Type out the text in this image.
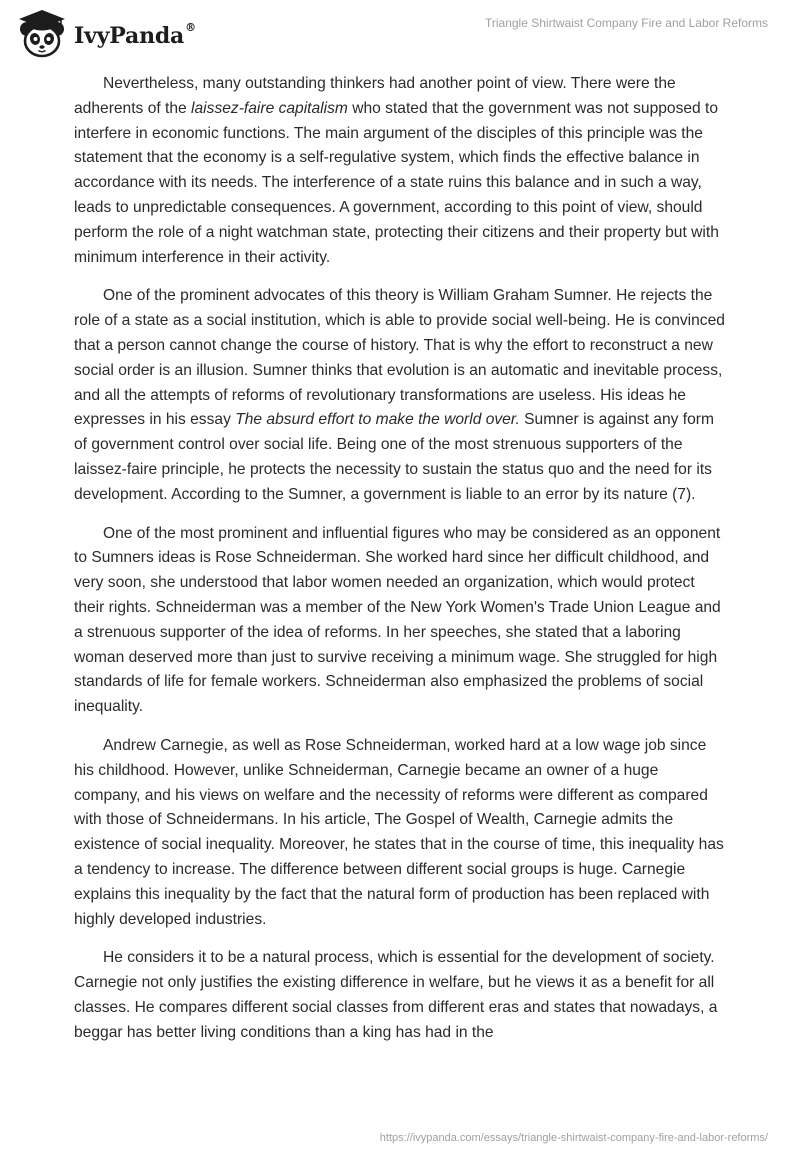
IvyPanda®	Triangle Shirtwaist Company Fire and Labor Reforms

Nevertheless, many outstanding thinkers had another point of view. There were the adherents of the laissez-faire capitalism who stated that the government was not supposed to interfere in economic functions. The main argument of the disciples of this principle was the statement that the economy is a self-regulative system, which finds the effective balance in accordance with its needs. The interference of a state ruins this balance and in such a way, leads to unpredictable consequences. A government, according to this point of view, should perform the role of a night watchman state, protecting their citizens and their property but with minimum interference in their activity.

One of the prominent advocates of this theory is William Graham Sumner. He rejects the role of a state as a social institution, which is able to provide social well-being. He is convinced that a person cannot change the course of history. That is why the effort to reconstruct a new social order is an illusion. Sumner thinks that evolution is an automatic and inevitable process, and all the attempts of reforms of revolutionary transformations are useless. His ideas he expresses in his essay The absurd effort to make the world over. Sumner is against any form of government control over social life. Being one of the most strenuous supporters of the laissez-faire principle, he protects the necessity to sustain the status quo and the need for its development. According to the Sumner, a government is liable to an error by its nature (7).

One of the most prominent and influential figures who may be considered as an opponent to Sumners ideas is Rose Schneiderman. She worked hard since her difficult childhood, and very soon, she understood that labor women needed an organization, which would protect their rights. Schneiderman was a member of the New York Women's Trade Union League and a strenuous supporter of the idea of reforms. In her speeches, she stated that a laboring woman deserved more than just to survive receiving a minimum wage. She struggled for high standards of life for female workers. Schneiderman also emphasized the problems of social inequality.

Andrew Carnegie, as well as Rose Schneiderman, worked hard at a low wage job since his childhood. However, unlike Schneiderman, Carnegie became an owner of a huge company, and his views on welfare and the necessity of reforms were different as compared with those of Schneidermans. In his article, The Gospel of Wealth, Carnegie admits the existence of social inequality. Moreover, he states that in the course of time, this inequality has a tendency to increase. The difference between different social groups is huge. Carnegie explains this inequality by the fact that the natural form of production has been replaced with highly developed industries.

He considers it to be a natural process, which is essential for the development of society. Carnegie not only justifies the existing difference in welfare, but he views it as a benefit for all classes. He compares different social classes from different eras and states that nowadays, a beggar has better living conditions than a king has had in the

https://ivypanda.com/essays/triangle-shirtwaist-company-fire-and-labor-reforms/
